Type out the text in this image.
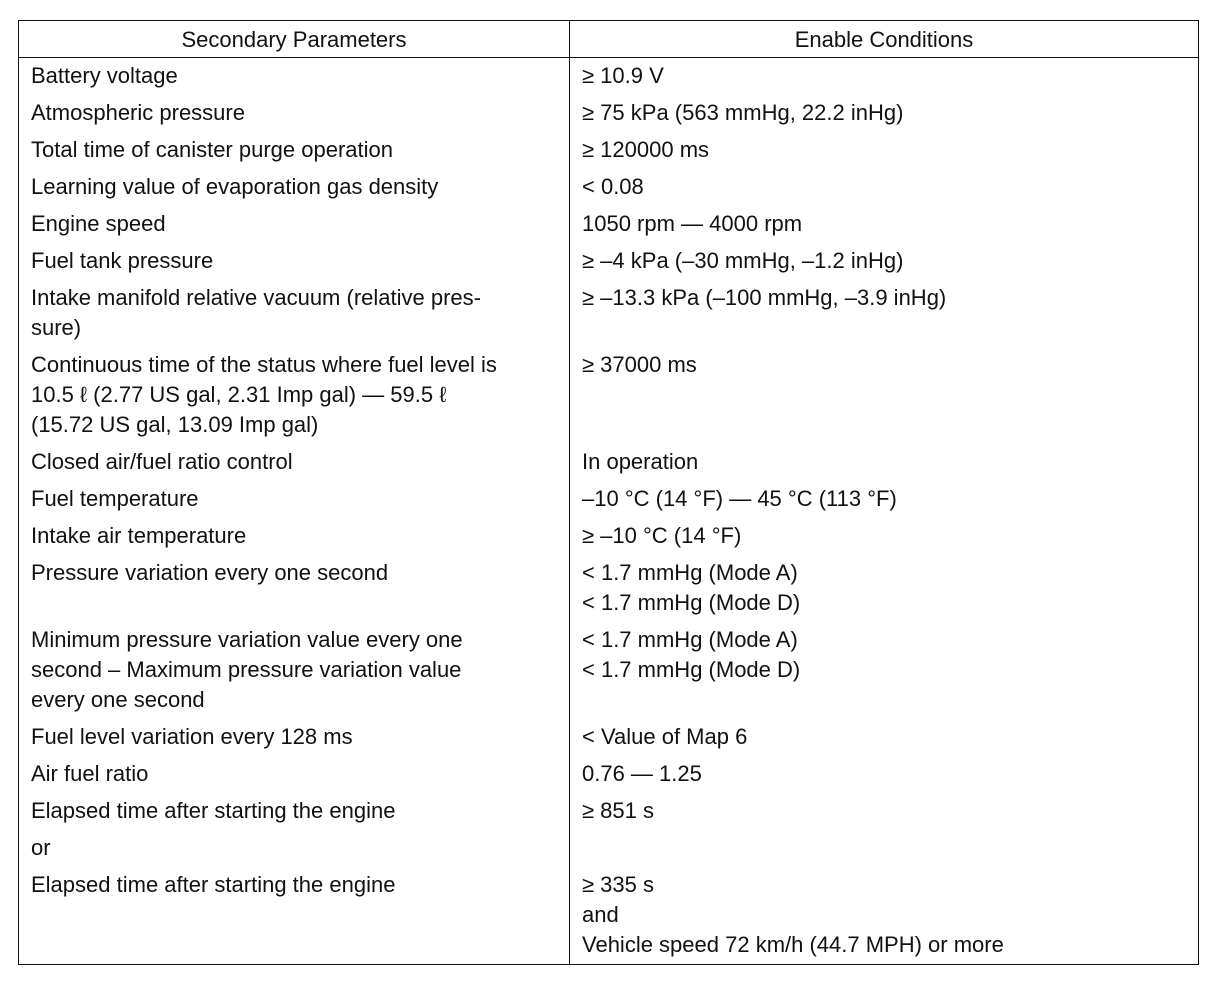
Secondary Parameters	Enable Conditions
Battery voltage	≥ 10.9 V
Atmospheric pressure	≥ 75 kPa (563 mmHg, 22.2 inHg)
Total time of canister purge operation	≥ 120000 ms
Learning value of evaporation gas density	< 0.08
Engine speed	1050 rpm — 4000 rpm
Fuel tank pressure	≥ –4 kPa (–30 mmHg, –1.2 inHg)
Intake manifold relative vacuum (relative pres-
sure)	≥ –13.3 kPa (–100 mmHg, –3.9 inHg)
Continuous time of the status where fuel level is
10.5 ℓ (2.77 US gal, 2.31 Imp gal) — 59.5 ℓ
(15.72 US gal, 13.09 Imp gal)	≥ 37000 ms
Closed air/fuel ratio control	In operation
Fuel temperature	–10 °C (14 °F) — 45 °C (113 °F)
Intake air temperature	≥ –10 °C (14 °F)
Pressure variation every one second	< 1.7 mmHg (Mode A)
< 1.7 mmHg (Mode D)
Minimum pressure variation value every one
second – Maximum pressure variation value
every one second	< 1.7 mmHg (Mode A)
< 1.7 mmHg (Mode D)
Fuel level variation every 128 ms	< Value of Map 6
Air fuel ratio	0.76 — 1.25
Elapsed time after starting the engine	≥ 851 s
or	
Elapsed time after starting the engine	≥ 335 s
and
Vehicle speed 72 km/h (44.7 MPH) or more
